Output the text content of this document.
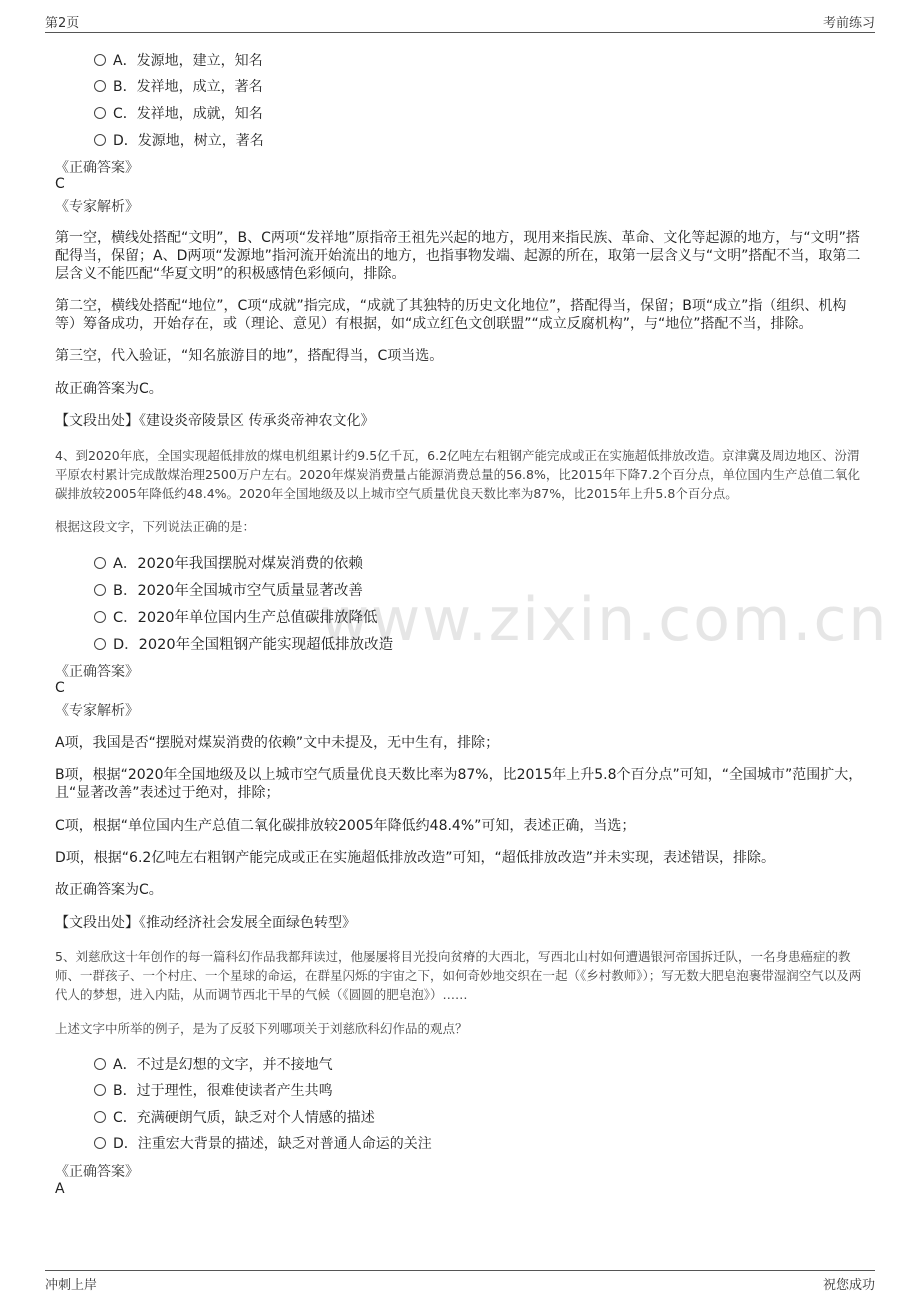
第2页	考前练习
www.zixin.com.cn
A．发源地，建立，知名
B．发祥地，成立，著名
C．发祥地，成就，知名
D．发源地，树立，著名
《正确答案》
C
《专家解析》
第一空，横线处搭配“文明”，B、C两项“发祥地”原指帝王祖先兴起的地方，现用来指民族、革命、文化等起源的地方，与“文明”搭配得当，保留；A、D两项“发源地”指河流开始流出的地方，也指事物发端、起源的所在，取第一层含义与“文明”搭配不当，取第二层含义不能匹配“华夏文明”的积极感情色彩倾向，排除。
第二空，横线处搭配“地位”，C项“成就”指完成，“成就了其独特的历史文化地位”，搭配得当，保留；B项“成立”指（组织、机构等）筹备成功，开始存在，或（理论、意见）有根据，如“成立红色文创联盟”“成立反腐机构”，与“地位”搭配不当，排除。
第三空，代入验证，“知名旅游目的地”，搭配得当，C项当选。
故正确答案为C。
【文段出处】《建设炎帝陵景区 传承炎帝神农文化》
4、到2020年底，全国实现超低排放的煤电机组累计约9.5亿千瓦，6.2亿吨左右粗钢产能完成或正在实施超低排放改造。京津冀及周边地区、汾渭平原农村累计完成散煤治理2500万户左右。2020年煤炭消费量占能源消费总量的56.8%，比2015年下降7.2个百分点，单位国内生产总值二氧化碳排放较2005年降低约48.4%。2020年全国地级及以上城市空气质量优良天数比率为87%，比2015年上升5.8个百分点。
根据这段文字，下列说法正确的是：
A．2020年我国摆脱对煤炭消费的依赖
B．2020年全国城市空气质量显著改善
C．2020年单位国内生产总值碳排放降低
D．2020年全国粗钢产能实现超低排放改造
《正确答案》
C
《专家解析》
A项，我国是否“摆脱对煤炭消费的依赖”文中未提及，无中生有，排除；
B项，根据“2020年全国地级及以上城市空气质量优良天数比率为87%，比2015年上升5.8个百分点”可知，“全国城市”范围扩大，且“显著改善”表述过于绝对，排除；
C项，根据“单位国内生产总值二氧化碳排放较2005年降低约48.4%”可知，表述正确，当选；
D项，根据“6.2亿吨左右粗钢产能完成或正在实施超低排放改造”可知，“超低排放改造”并未实现，表述错误，排除。
故正确答案为C。
【文段出处】《推动经济社会发展全面绿色转型》
5、刘慈欣这十年创作的每一篇科幻作品我都拜读过，他屡屡将目光投向贫瘠的大西北，写西北山村如何遭遇银河帝国拆迁队，一名身患癌症的教师、一群孩子、一个村庄、一个星球的命运，在群星闪烁的宇宙之下，如何奇妙地交织在一起（《乡村教师》）；写无数大肥皂泡裹带湿润空气以及两代人的梦想，进入内陆，从而调节西北干旱的气候（《圆圆的肥皂泡》）……
上述文字中所举的例子，是为了反驳下列哪项关于刘慈欣科幻作品的观点？
A．不过是幻想的文字，并不接地气
B．过于理性，很难使读者产生共鸣
C．充满硬朗气质，缺乏对个人情感的描述
D．注重宏大背景的描述，缺乏对普通人命运的关注
《正确答案》
A
冲刺上岸	祝您成功
